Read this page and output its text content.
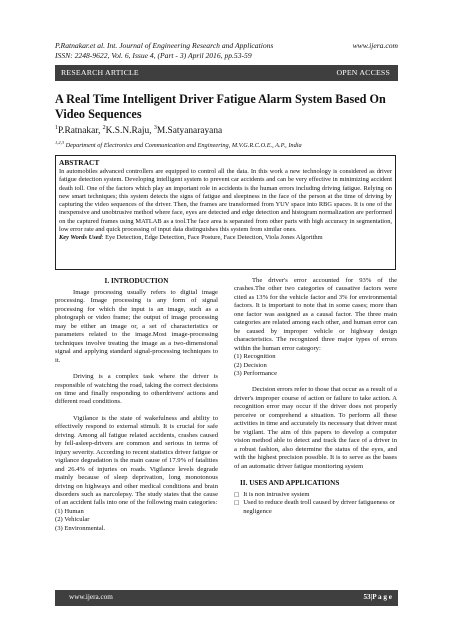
P.Ratnakar.et al. Int. Journal of Engineering Research and Applications
ISSN: 2248-9622, Vol. 6, Issue 4, (Part - 3) April 2016, pp.53-59
www.ijera.com
RESEARCH ARTICLE	OPEN ACCESS
A Real Time Intelligent Driver Fatigue Alarm System Based On Video Sequences
$^1$P.Ratnakar, $^2$K.S.N.Raju, $^3$M.Satyanarayana
$^{1,2,3}$ Department of Electronics and Communication and Engineering, M.V.G.R.C.O.E., A.P., India
ABSTRACT
In automobiles advanced controllers are equipped to control all the data. In this work a new technology is considered as driver fatigue detection system. Developing intelligent system to prevent car accidents and can be very effective in minimizing accident death toll. One of the factors which play an important role in accidents is the human errors including driving fatigue. Relying on new smart techniques; this system detects the signs of fatigue and sleepiness in the face of the person at the time of driving by capturing the video sequences of the driver. Then, the frames are transformed from YUV space into RBG spaces. It is one of the inexpensive and unobtrusive method where face, eyes are detected and edge detection and histogram normalization are performed on the captured frames using MATLAB as a tool.The face area is separated from other parts with high accuracy in segmentation, low error rate and quick processing of input data distinguishes this system from similar ones.
Key Words Used: Eye Detection, Edge Detection, Face Posture, Face Detection, Viola Jones Algorithm
I. INTRODUCTION

Image processing usually refers to digital image processing. Image processing is any form of signal processing for which the input is an image, such as a photograph or video frame; the output of image processing may be either an image or, a set of characteristics or parameters related to the image.Most image-processing techniques involve treating the image as a two-dimensional signal and applying standard signal-processing techniques to it.

Driving is a complex task where the driver is responsible of watching the road, taking the correct decisions on time and finally responding to otherdrivers' actions and different road conditions.

Vigilance is the state of wakefulness and ability to effectively respond to external stimuli. It is crucial for safe driving. Among all fatigue related accidents, crashes caused by fell-asleep-drivers are common and serious in terms of injury severity. According to recent statistics driver fatigue or vigilance degradation is the main cause of 17.9% of fatalities and 26.4% of injuries on roads. Vigilance levels degrade mainly because of sleep deprivation, long monotonous driving on highways and other medical conditions and brain disorders such as narcolepsy. The study states that the cause of an accident falls into one of the following main categories:

(1) Human
(2) Vehicular
(3) Environmental.

The driver's error accounted for 93% of the crashes.The other two categories of causative factors were cited as 13% for the vehicle factor and 3% for environmental factors. It is important to note that in some cases; more than one factor was assigned as a causal factor. The three main categories are related among each other, and human error can be caused by improper vehicle or highway design characteristics. The recognized three major types of errors within the human error category:

(1) Recognition
(2) Decision
(3) Performance

Decision errors refer to those that occur as a result of a driver's improper course of action or failure to take action. A recognition error may occur if the driver does not properly perceive or comprehend a situation. To perform all these activities in time and accurately its necessary that driver must be vigilant. The aim of this papers to develop a computer vision method able to detect and track the face of a driver in a robust fashion, also determine the status of the eyes, and with the highest precision possible. It is to serve as the bases of an automatic driver fatigue monitoring system

II. USES AND APPLICATIONS
□ It is non intrusive system
□ Used to reduce death troll caused by driver fatigueness or negligence
www.ijera.com	53|P a g e
